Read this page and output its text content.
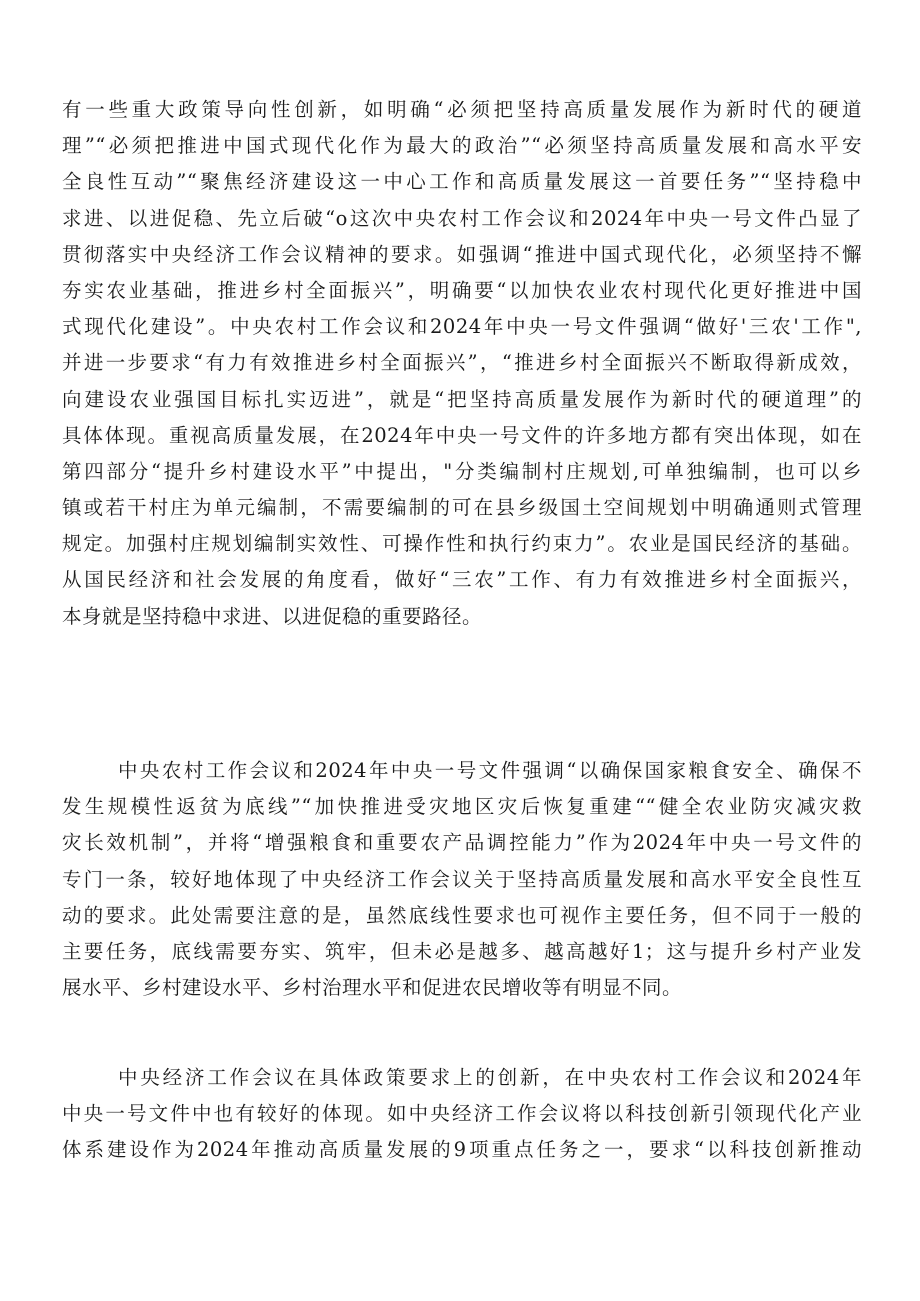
有一些重大政策导向性创新，如明确“必须把坚持高质量发展作为新时代的硬道
理”“必须把推进中国式现代化作为最大的政治”“必须坚持高质量发展和高水平安
全良性互动”“聚焦经济建设这一中心工作和高质量发展这一首要任务”“坚持稳中
求进、以进促稳、先立后破“o这次中央农村工作会议和2024年中央一号文件凸显了
贯彻落实中央经济工作会议精神的要求。如强调“推进中国式现代化，必须坚持不懈
夯实农业基础，推进乡村全面振兴”，明确要“以加快农业农村现代化更好推进中国
式现代化建设”。中央农村工作会议和2024年中央一号文件强调“做好'三农'工作",
并进一步要求“有力有效推进乡村全面振兴”，“推进乡村全面振兴不断取得新成效，
向建设农业强国目标扎实迈进”，就是“把坚持高质量发展作为新时代的硬道理”的
具体体现。重视高质量发展，在2024年中央一号文件的许多地方都有突出体现，如在
第四部分“提升乡村建设水平”中提出，"分类编制村庄规划,可单独编制，也可以乡
镇或若干村庄为单元编制，不需要编制的可在县乡级国土空间规划中明确通则式管理
规定。加强村庄规划编制实效性、可操作性和执行约束力”。农业是国民经济的基础。
从国民经济和社会发展的角度看，做好“三农”工作、有力有效推进乡村全面振兴，
本身就是坚持稳中求进、以进促稳的重要路径。
中央农村工作会议和2024年中央一号文件强调“以确保国家粮食安全、确保不
发生规模性返贫为底线”“加快推进受灾地区灾后恢复重建““健全农业防灾减灾救
灾长效机制”，并将“增强粮食和重要农产品调控能力”作为2024年中央一号文件的
专门一条，较好地体现了中央经济工作会议关于坚持高质量发展和高水平安全良性互
动的要求。此处需要注意的是，虽然底线性要求也可视作主要任务，但不同于一般的
主要任务，底线需要夯实、筑牢，但未必是越多、越高越好1；这与提升乡村产业发
展水平、乡村建设水平、乡村治理水平和促进农民增收等有明显不同。
中央经济工作会议在具体政策要求上的创新，在中央农村工作会议和2024年
中央一号文件中也有较好的体现。如中央经济工作会议将以科技创新引领现代化产业
体系建设作为2024年推动高质量发展的9项重点任务之一，要求“以科技创新推动
